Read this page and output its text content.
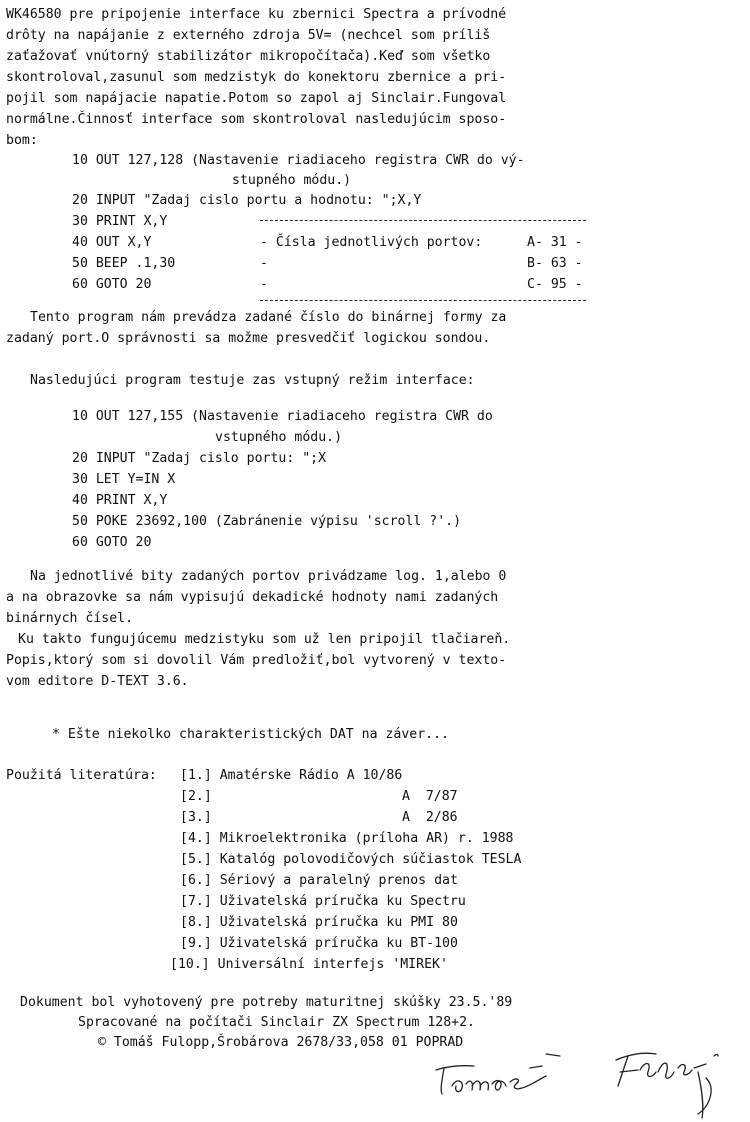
WK46580 pre pripojenie interface ku zbernici Spectra a prívodné
drôty na napájanie z externého zdroja 5V= (nechcel som príliš
zaťažovať vnútorný stabilizátor mikropočítača).Keď som všetko
skontroloval,zasunul som medzistyk do konektoru zbernice a pri-
pojil som napájacie napatie.Potom so zapol aj Sinclair.Fungoval
normálne.Činnosť interface som skontroloval nasledujúcim sposo-
bom:
10 OUT 127,128 (Nastavenie riadiaceho registra CWR do vý-
stupného módu.)
20 INPUT "Zadaj cislo portu a hodnotu: ";X,Y
30 PRINT X,Y
40 OUT X,Y
50 BEEP .1,30
60 GOTO 20
- Čísla jednotlivých portov:	A- 31 -
-	B- 63 -
-	C- 95 -
Tento program nám prevádza zadané číslo do binárnej formy za
zadaný port.O správnosti sa možme presvedčiť logickou sondou.
Nasledujúci program testuje zas vstupný režim interface:
10 OUT 127,155 (Nastavenie riadiaceho registra CWR do
vstupného módu.)
20 INPUT "Zadaj cislo portu: ";X
30 LET Y=IN X
40 PRINT X,Y
50 POKE 23692,100 (Zabránenie výpisu 'scroll ?'.)
60 GOTO 20
Na jednotlivé bity zadaných portov privádzame log. 1,alebo 0
a na obrazovke sa nám vypisujú dekadické hodnoty nami zadaných
binárnych čísel.
Ku takto fungujúcemu medzistyku som už len pripojil tlačiareň.
Popis,ktorý som si dovolil Vám predložiť,bol vytvorený v texto-
vom editore D-TEXT 3.6.
* Ešte niekolko charakteristických DAT na záver...
Použitá literatúra: [1.] Amatérske Rádio A 10/86
[2.]	A  7/87
[3.]	A  2/86
[4.] Mikroelektronika (príloha AR) r. 1988
[5.] Katalóg polovodičových súčiastok TESLA
[6.] Sériový a paralelný prenos dat
[7.] Uživatelská príručka ku Spectru
[8.] Uživatelská príručka ku PMI 80
[9.] Uživatelská príručka ku BT-100
[10.] Universální interfejs 'MIREK'
Dokument bol vyhotovený pre potreby maturitnej skúšky 23.5.'89
Spracované na počítači Sinclair ZX Spectrum 128+2.
© Tomáš Fulopp,Šrobárova 2678/33,058 01 POPRAD
